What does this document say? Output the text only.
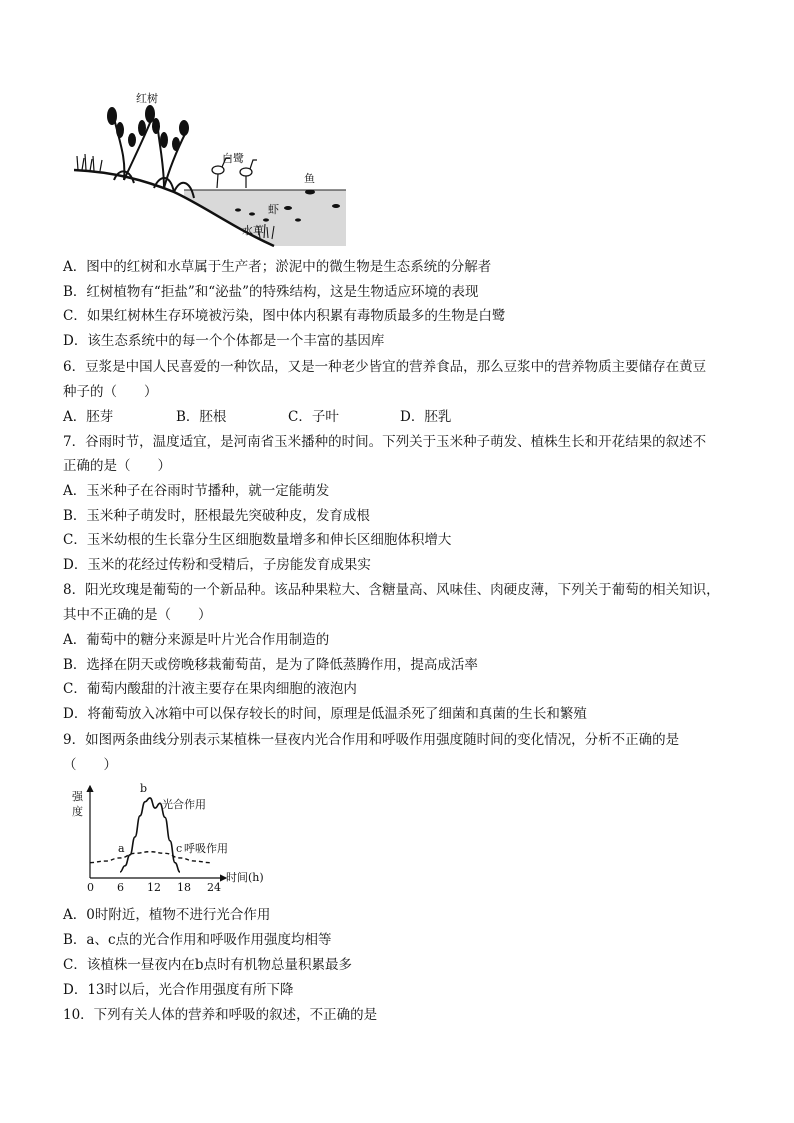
红树
白鹭
鱼
虾
水草
A．图中的红树和水草属于生产者；淤泥中的微生物是生态系统的分解者
B．红树植物有“拒盐”和“泌盐”的特殊结构，这是生物适应环境的表现
C．如果红树林生存环境被污染，图中体内积累有毒物质最多的生物是白鹭
D．该生态系统中的每一个个体都是一个丰富的基因库
6．豆浆是中国人民喜爱的一种饮品，又是一种老少皆宜的营养食品，那么豆浆中的营养物质主要储存在黄豆
种子的（　　）
A．胚芽	B．胚根	C．子叶	D．胚乳
7．谷雨时节，温度适宜，是河南省玉米播种的时间。下列关于玉米种子萌发、植株生长和开花结果的叙述不
正确的是（　　）
A．玉米种子在谷雨时节播种，就一定能萌发
B．玉米种子萌发时，胚根最先突破种皮，发育成根
C．玉米幼根的生长靠分生区细胞数量增多和伸长区细胞体积增大
D．玉米的花经过传粉和受精后，子房能发育成果实
8．阳光玫瑰是葡萄的一个新品种。该品种果粒大、含糖量高、风味佳、肉硬皮薄，下列关于葡萄的相关知识，
其中不正确的是（　　）
A．葡萄中的糖分来源是叶片光合作用制造的
B．选择在阴天或傍晚移栽葡萄苗，是为了降低蒸腾作用，提高成活率
C．葡萄内酸甜的汁液主要存在果肉细胞的液泡内
D．将葡萄放入冰箱中可以保存较长的时间，原理是低温杀死了细菌和真菌的生长和繁殖
9．如图两条曲线分别表示某植株一昼夜内光合作用和呼吸作用强度随时间的变化情况，分析不正确的是
（　　）
强
度
时间(h)
0 6 12 18 24
光合作用
呼吸作用
a
b
c
A．0时附近，植物不进行光合作用
B．a、c点的光合作用和呼吸作用强度均相等
C．该植株一昼夜内在b点时有机物总量积累最多
D．13时以后，光合作用强度有所下降
10．下列有关人体的营养和呼吸的叙述，不正确的是
